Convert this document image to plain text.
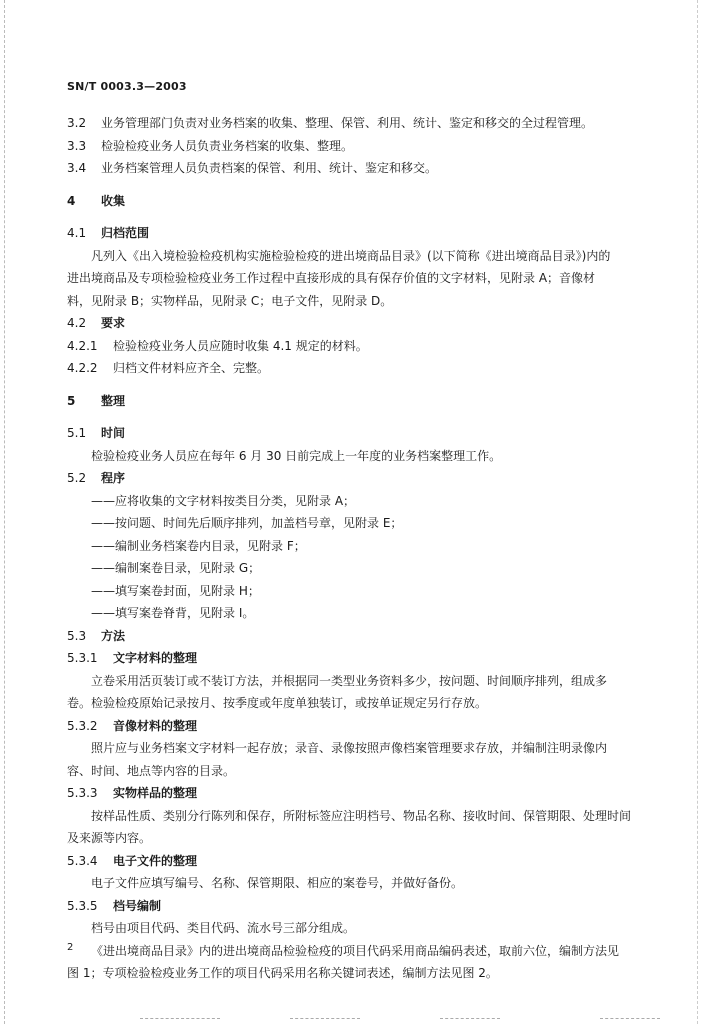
SN/T 0003.3—2003
3.2 业务管理部门负责对业务档案的收集、整理、保管、利用、统计、鉴定和移交的全过程管理。
3.3 检验检疫业务人员负责业务档案的收集、整理。
3.4 业务档案管理人员负责档案的保管、利用、统计、鉴定和移交。
4 收集
4.1 归档范围
凡列入《出入境检验检疫机构实施检验检疫的进出境商品目录》(以下简称《进出境商品目录》)内的
进出境商品及专项检验检疫业务工作过程中直接形成的具有保存价值的文字材料，见附录 A；音像材
料，见附录 B；实物样品，见附录 C；电子文件，见附录 D。
4.2 要求
4.2.1 检验检疫业务人员应随时收集 4.1 规定的材料。
4.2.2 归档文件材料应齐全、完整。
5 整理
5.1 时间
检验检疫业务人员应在每年 6 月 30 日前完成上一年度的业务档案整理工作。
5.2 程序
——应将收集的文字材料按类目分类，见附录 A；
——按问题、时间先后顺序排列，加盖档号章，见附录 E；
——编制业务档案卷内目录，见附录 F；
——编制案卷目录，见附录 G；
——填写案卷封面，见附录 H；
——填写案卷脊背，见附录 I。
5.3 方法
5.3.1 文字材料的整理
立卷采用活页装订或不装订方法，并根据同一类型业务资料多少，按问题、时间顺序排列，组成多
卷。检验检疫原始记录按月、按季度或年度单独装订，或按单证规定另行存放。
5.3.2 音像材料的整理
照片应与业务档案文字材料一起存放；录音、录像按照声像档案管理要求存放，并编制注明录像内
容、时间、地点等内容的目录。
5.3.3 实物样品的整理
按样品性质、类别分行陈列和保存，所附标签应注明档号、物品名称、接收时间、保管期限、处理时间
及来源等内容。
5.3.4 电子文件的整理
电子文件应填写编号、名称、保管期限、相应的案卷号，并做好备份。
5.3.5 档号编制
档号由项目代码、类目代码、流水号三部分组成。
《进出境商品目录》内的进出境商品检验检疫的项目代码采用商品编码表述，取前六位，编制方法见
图 1；专项检验检疫业务工作的项目代码采用名称关键词表述，编制方法见图 2。
2
